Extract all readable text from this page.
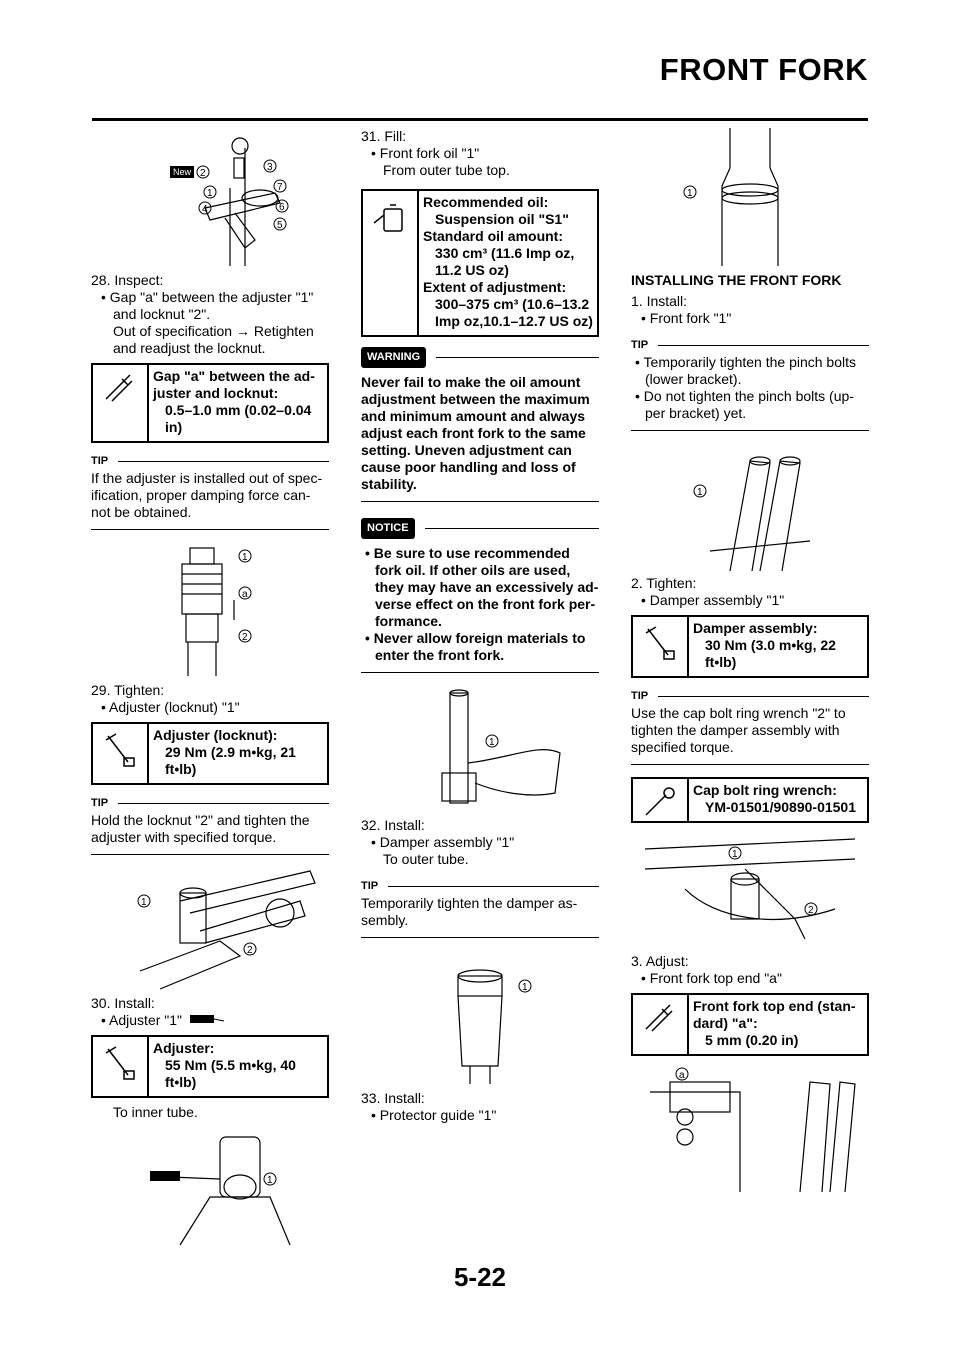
FRONT FORK
New 2
3
1
4
7
6
5
28. Inspect:
• Gap "a" between the adjuster "1"
and locknut "2".
Out of specification → Retighten
and readjust the locknut.
Gap "a" between the ad-juster and locknut:
0.5–1.0 mm (0.02–0.04 in)
TIP
If the adjuster is installed out of spec-ification, proper damping force can-not be obtained.
1
a
2
29. Tighten:
• Adjuster (locknut) "1"
Adjuster (locknut):
29 Nm (2.9 m•kg, 21 ft•lb)
TIP
Hold the locknut "2" and tighten the adjuster with specified torque.
1
2
30. Install:
• Adjuster "1"
Adjuster:
55 Nm (5.5 m•kg, 40 ft•lb)
To inner tube.
1
31. Fill:
• Front fork oil "1"
From outer tube top.
Recommended oil:
Suspension oil "S1"
Standard oil amount:
330 cm³ (11.6 Imp oz, 11.2 US oz)
Extent of adjustment:
300–375 cm³ (10.6–13.2 Imp oz,10.1–12.7 US oz)
WARNING
Never fail to make the oil amount adjustment between the maximum and minimum amount and always adjust each front fork to the same setting. Uneven adjustment can cause poor handling and loss of stability.
NOTICE
• Be sure to use recommended fork oil. If other oils are used, they may have an excessively ad-verse effect on the front fork per-formance.
• Never allow foreign materials to enter the front fork.
1
32. Install:
• Damper assembly "1"
To outer tube.
TIP
Temporarily tighten the damper as-sembly.
1
33. Install:
• Protector guide "1"
1
INSTALLING THE FRONT FORK
1. Install:
• Front fork "1"
TIP
• Temporarily tighten the pinch bolts (lower bracket).
• Do not tighten the pinch bolts (up-per bracket) yet.
1
2. Tighten:
• Damper assembly "1"
Damper assembly:
30 Nm (3.0 m•kg, 22 ft•lb)
TIP
Use the cap bolt ring wrench "2" to tighten the damper assembly with specified torque.
Cap bolt ring wrench:
YM-01501/90890-01501
1
2
3. Adjust:
• Front fork top end "a"
Front fork top end (stan-dard) "a":
5 mm (0.20 in)
a
5-22
